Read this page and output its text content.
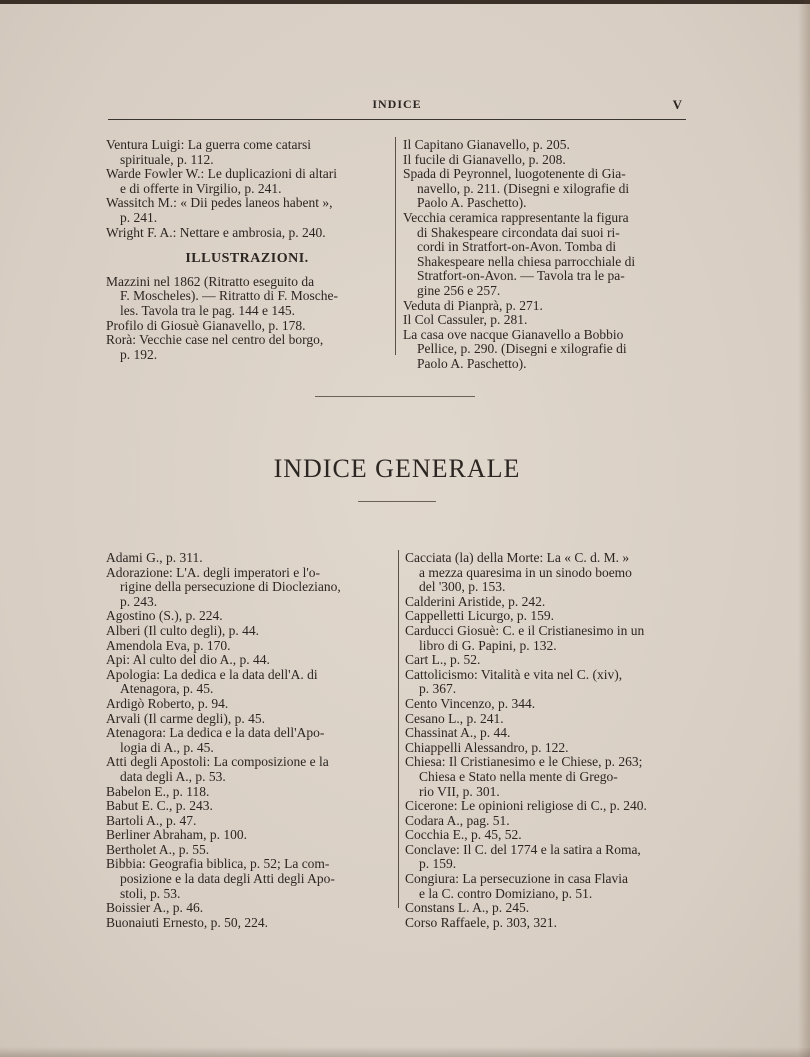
INDICE	V
Ventura Luigi: La guerra come catarsi
spirituale, p. 112.
Warde Fowler W.: Le duplicazioni di altari
e di offerte in Virgilio, p. 241.
Wassitch M.: « Dii pedes laneos habent »,
p. 241.
Wright F. A.: Nettare e ambrosia, p. 240.
ILLUSTRAZIONI.
Mazzini nel 1862 (Ritratto eseguito da
F. Moscheles). — Ritratto di F. Mosche-
les. Tavola tra le pag. 144 e 145.
Profilo di Giosuè Gianavello, p. 178.
Rorà: Vecchie case nel centro del borgo,
p. 192.
Il Capitano Gianavello, p. 205.
Il fucile di Gianavello, p. 208.
Spada di Peyronnel, luogotenente di Gia-
navello, p. 211. (Disegni e xilografie di
Paolo A. Paschetto).
Vecchia ceramica rappresentante la figura
di Shakespeare circondata dai suoi ri-
cordi in Stratfort-on-Avon. Tomba di
Shakespeare nella chiesa parrocchiale di
Stratfort-on-Avon. — Tavola tra le pa-
gine 256 e 257.
Veduta di Pianprà, p. 271.
Il Col Cassuler, p. 281.
La casa ove nacque Gianavello a Bobbio
Pellice, p. 290. (Disegni e xilografie di
Paolo A. Paschetto).
INDICE GENERALE
Adami G., p. 311.
Adorazione: L'A. degli imperatori e l'o-
rigine della persecuzione di Diocleziano,
p. 243.
Agostino (S.), p. 224.
Alberi (Il culto degli), p. 44.
Amendola Eva, p. 170.
Api: Al culto del dio A., p. 44.
Apologia: La dedica e la data dell'A. di
Atenagora, p. 45.
Ardigò Roberto, p. 94.
Arvali (Il carme degli), p. 45.
Atenagora: La dedica e la data dell'Apo-
logia di A., p. 45.
Atti degli Apostoli: La composizione e la
data degli A., p. 53.
Babelon E., p. 118.
Babut E. C., p. 243.
Bartoli A., p. 47.
Berliner Abraham, p. 100.
Bertholet A., p. 55.
Bibbia: Geografia biblica, p. 52; La com-
posizione e la data degli Atti degli Apo-
stoli, p. 53.
Boissier A., p. 46.
Buonaiuti Ernesto, p. 50, 224.
Cacciata (la) della Morte: La « C. d. M. »
a mezza quaresima in un sinodo boemo
del '300, p. 153.
Calderini Aristide, p. 242.
Cappelletti Licurgo, p. 159.
Carducci Giosuè: C. e il Cristianesimo in un
libro di G. Papini, p. 132.
Cart L., p. 52.
Cattolicismo: Vitalità e vita nel C. (xiv),
p. 367.
Cento Vincenzo, p. 344.
Cesano L., p. 241.
Chassinat A., p. 44.
Chiappelli Alessandro, p. 122.
Chiesa: Il Cristianesimo e le Chiese, p. 263;
Chiesa e Stato nella mente di Grego-
rio VII, p. 301.
Cicerone: Le opinioni religiose di C., p. 240.
Codara A., pag. 51.
Cocchia E., p. 45, 52.
Conclave: Il C. del 1774 e la satira a Roma,
p. 159.
Congiura: La persecuzione in casa Flavia
e la C. contro Domiziano, p. 51.
Constans L. A., p. 245.
Corso Raffaele, p. 303, 321.
